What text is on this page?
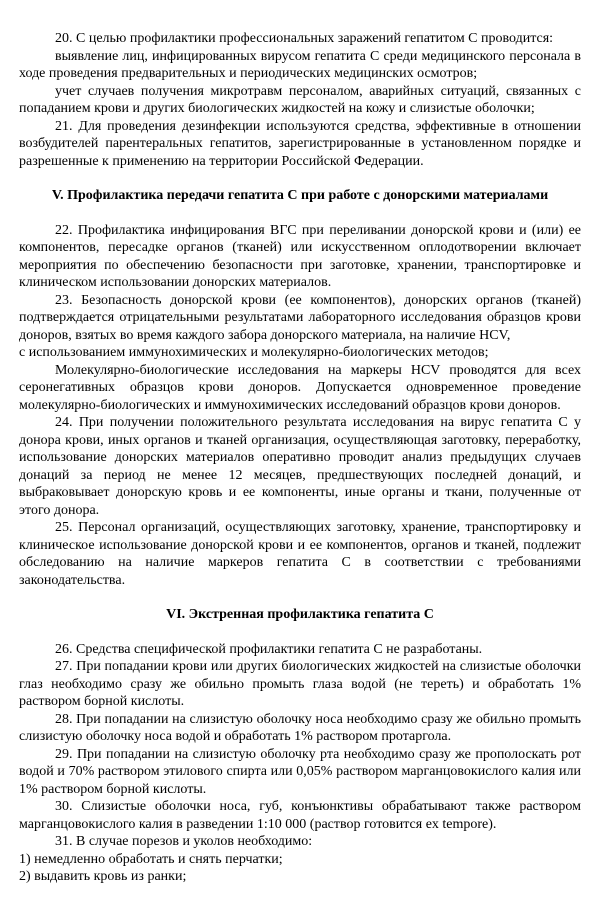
20. С целью профилактики профессиональных заражений гепатитом С проводится:
выявление лиц, инфицированных вирусом гепатита С среди медицинского персонала в ходе проведения предварительных и периодических медицинских осмотров;
учет случаев получения микротравм персоналом, аварийных ситуаций, связанных с попаданием крови и других биологических жидкостей на кожу и слизистые оболочки;
21. Для проведения дезинфекции используются средства, эффективные в отношении возбудителей парентеральных гепатитов, зарегистрированные в установленном порядке и разрешенные к применению на территории Российской Федерации.
V. Профилактика передачи гепатита С при работе с донорскими материалами
22. Профилактика инфицирования ВГС при переливании донорской крови и (или) ее компонентов, пересадке органов (тканей) или искусственном оплодотворении включает мероприятия по обеспечению безопасности при заготовке, хранении, транспортировке и клиническом использовании донорских материалов.
23. Безопасность донорской крови (ее компонентов), донорских органов (тканей) подтверждается отрицательными результатами лабораторного исследования образцов крови доноров, взятых во время каждого забора донорского материала, на наличие HCV,
с использованием иммунохимических и молекулярно-биологических методов;
Молекулярно-биологические исследования на маркеры HCV проводятся для всех серонегативных образцов крови доноров. Допускается одновременное проведение молекулярно-биологических и иммунохимических исследований образцов крови доноров.
24. При получении положительного результата исследования на вирус гепатита С у донора крови, иных органов и тканей организация, осуществляющая заготовку, переработку, использование донорских материалов оперативно проводит анализ предыдущих случаев донаций за период не менее 12 месяцев, предшествующих последней донаций, и выбраковывает донорскую кровь и ее компоненты, иные органы и ткани, полученные от этого донора.
25. Персонал организаций, осуществляющих заготовку, хранение, транспортировку и клиническое использование донорской крови и ее компонентов, органов и тканей, подлежит обследованию на наличие маркеров гепатита С в соответствии с требованиями законодательства.
VI. Экстренная профилактика гепатита С
26. Средства специфической профилактики гепатита С не разработаны.
27. При попадании крови или других биологических жидкостей на слизистые оболочки глаз необходимо сразу же обильно промыть глаза водой (не тереть) и обработать 1% раствором борной кислоты.
28. При попадании на слизистую оболочку носа необходимо сразу же обильно промыть слизистую оболочку носа водой и обработать 1% раствором протаргола.
29. При попадании на слизистую оболочку рта необходимо сразу же прополоскать рот водой и 70% раствором этилового спирта или 0,05% раствором марганцовокислого калия или 1% раствором борной кислоты.
30. Слизистые оболочки носа, губ, конъюнктивы обрабатывают также раствором марганцовокислого калия в разведении 1:10 000 (раствор готовится ex tempore).
31. В случае порезов и уколов необходимо:
1) немедленно обработать и снять перчатки;
2) выдавить кровь из ранки;
